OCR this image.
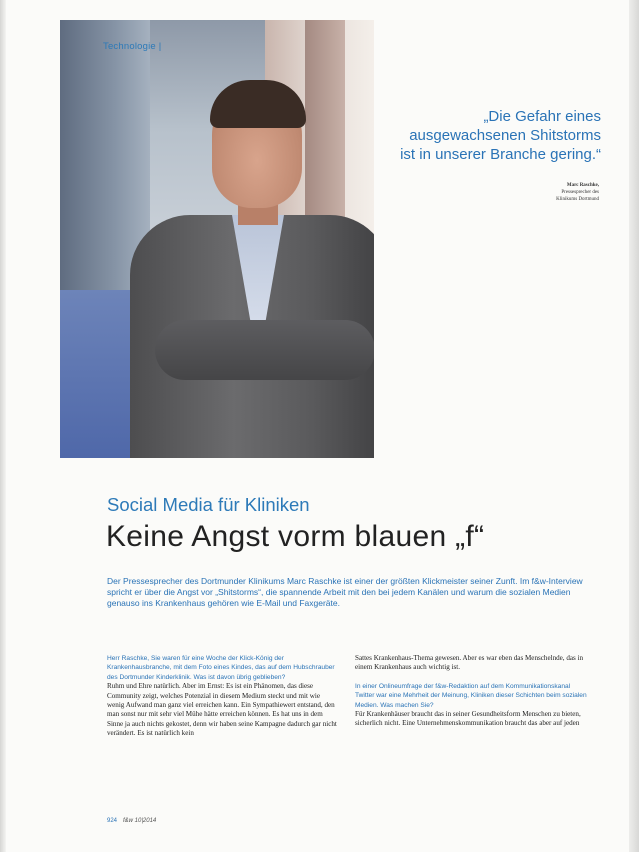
Technologie |
„Die Gefahr eines
ausgewachsenen Shitstorms
ist in unserer Branche gering.“
Marc Raschke,
Pressesprecher des
Klinikums Dortmund
Social Media für Kliniken
Keine Angst vorm blauen „f“
Der Pressesprecher des Dortmunder Klinikums Marc Raschke ist einer der größten Klickmeister seiner Zunft. Im f&w-Interview spricht er über die Angst vor „Shitstorms“, die spannende Arbeit mit den bei jedem Kanälen und warum die sozialen Medien genauso ins Krankenhaus gehören wie E-Mail und Faxgeräte.
Herr Raschke, Sie waren für eine Woche der Klick-König der Krankenhausbranche, mit dem Foto eines Kindes, das auf dem Hubschrauber des Dortmunder Kinderklinik. Was ist davon übrig geblieben?
Ruhm und Ehre natürlich. Aber im Ernst: Es ist ein Phänomen, das diese Community zeigt, welches Potenzial in diesem Medium steckt und mit wie wenig Aufwand man ganz viel erreichen kann. Ein Sympathiewert entstand, den man sonst nur mit sehr viel Mühe hätte erreichen können. Es hat uns in dem Sinne ja auch nichts gekostet, denn wir haben seine Kampagne dadurch gar nicht verändert. Es ist natürlich kein
Sattes Krankenhaus-Thema gewesen. Aber es war eben das Menschelnde, das in einem Krankenhaus auch wichtig ist.
In einer Onlineumfrage der f&w-Redaktion auf dem Kommunikationskanal Twitter war eine Mehrheit der Meinung, Kliniken dieser Schichten beim sozialen Medien. Was machen Sie?
Für Krankenhäuser braucht das in seiner Gesundheitsform Menschen zu bieten, sicherlich nicht. Eine Unternehmenskommunikation braucht das aber auf jeden
924 f&w 10|2014
